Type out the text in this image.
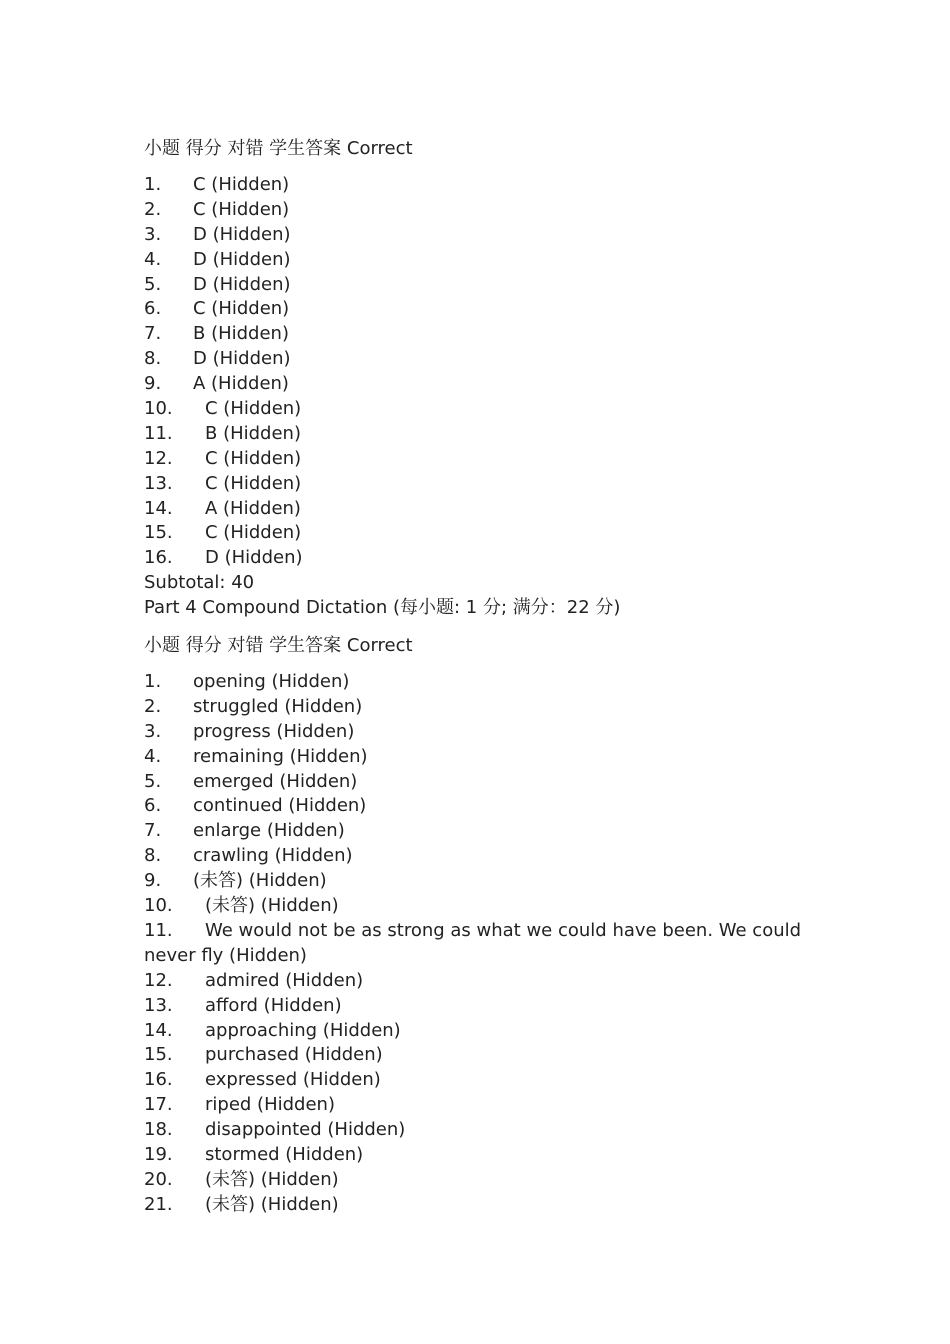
小题 得分 对错 学生答案 Correct
1. C (Hidden)
2. C (Hidden)
3. D (Hidden)
4. D (Hidden)
5. D (Hidden)
6. C (Hidden)
7. B (Hidden)
8. D (Hidden)
9. A (Hidden)
10. C (Hidden)
11. B (Hidden)
12. C (Hidden)
13. C (Hidden)
14. A (Hidden)
15. C (Hidden)
16. D (Hidden)
Subtotal: 40
Part 4 Compound Dictation (每小题: 1 分; 满分：22 分)
小题 得分 对错 学生答案 Correct
1. opening (Hidden)
2. struggled (Hidden)
3. progress (Hidden)
4. remaining (Hidden)
5. emerged (Hidden)
6. continued (Hidden)
7. enlarge (Hidden)
8. crawling (Hidden)
9. (未答) (Hidden)
10. (未答) (Hidden)
11. We would not be as strong as what we could have been. We could never fly (Hidden)
12. admired (Hidden)
13. afford (Hidden)
14. approaching (Hidden)
15. purchased (Hidden)
16. expressed (Hidden)
17. riped (Hidden)
18. disappointed (Hidden)
19. stormed (Hidden)
20. (未答) (Hidden)
21. (未答) (Hidden)
